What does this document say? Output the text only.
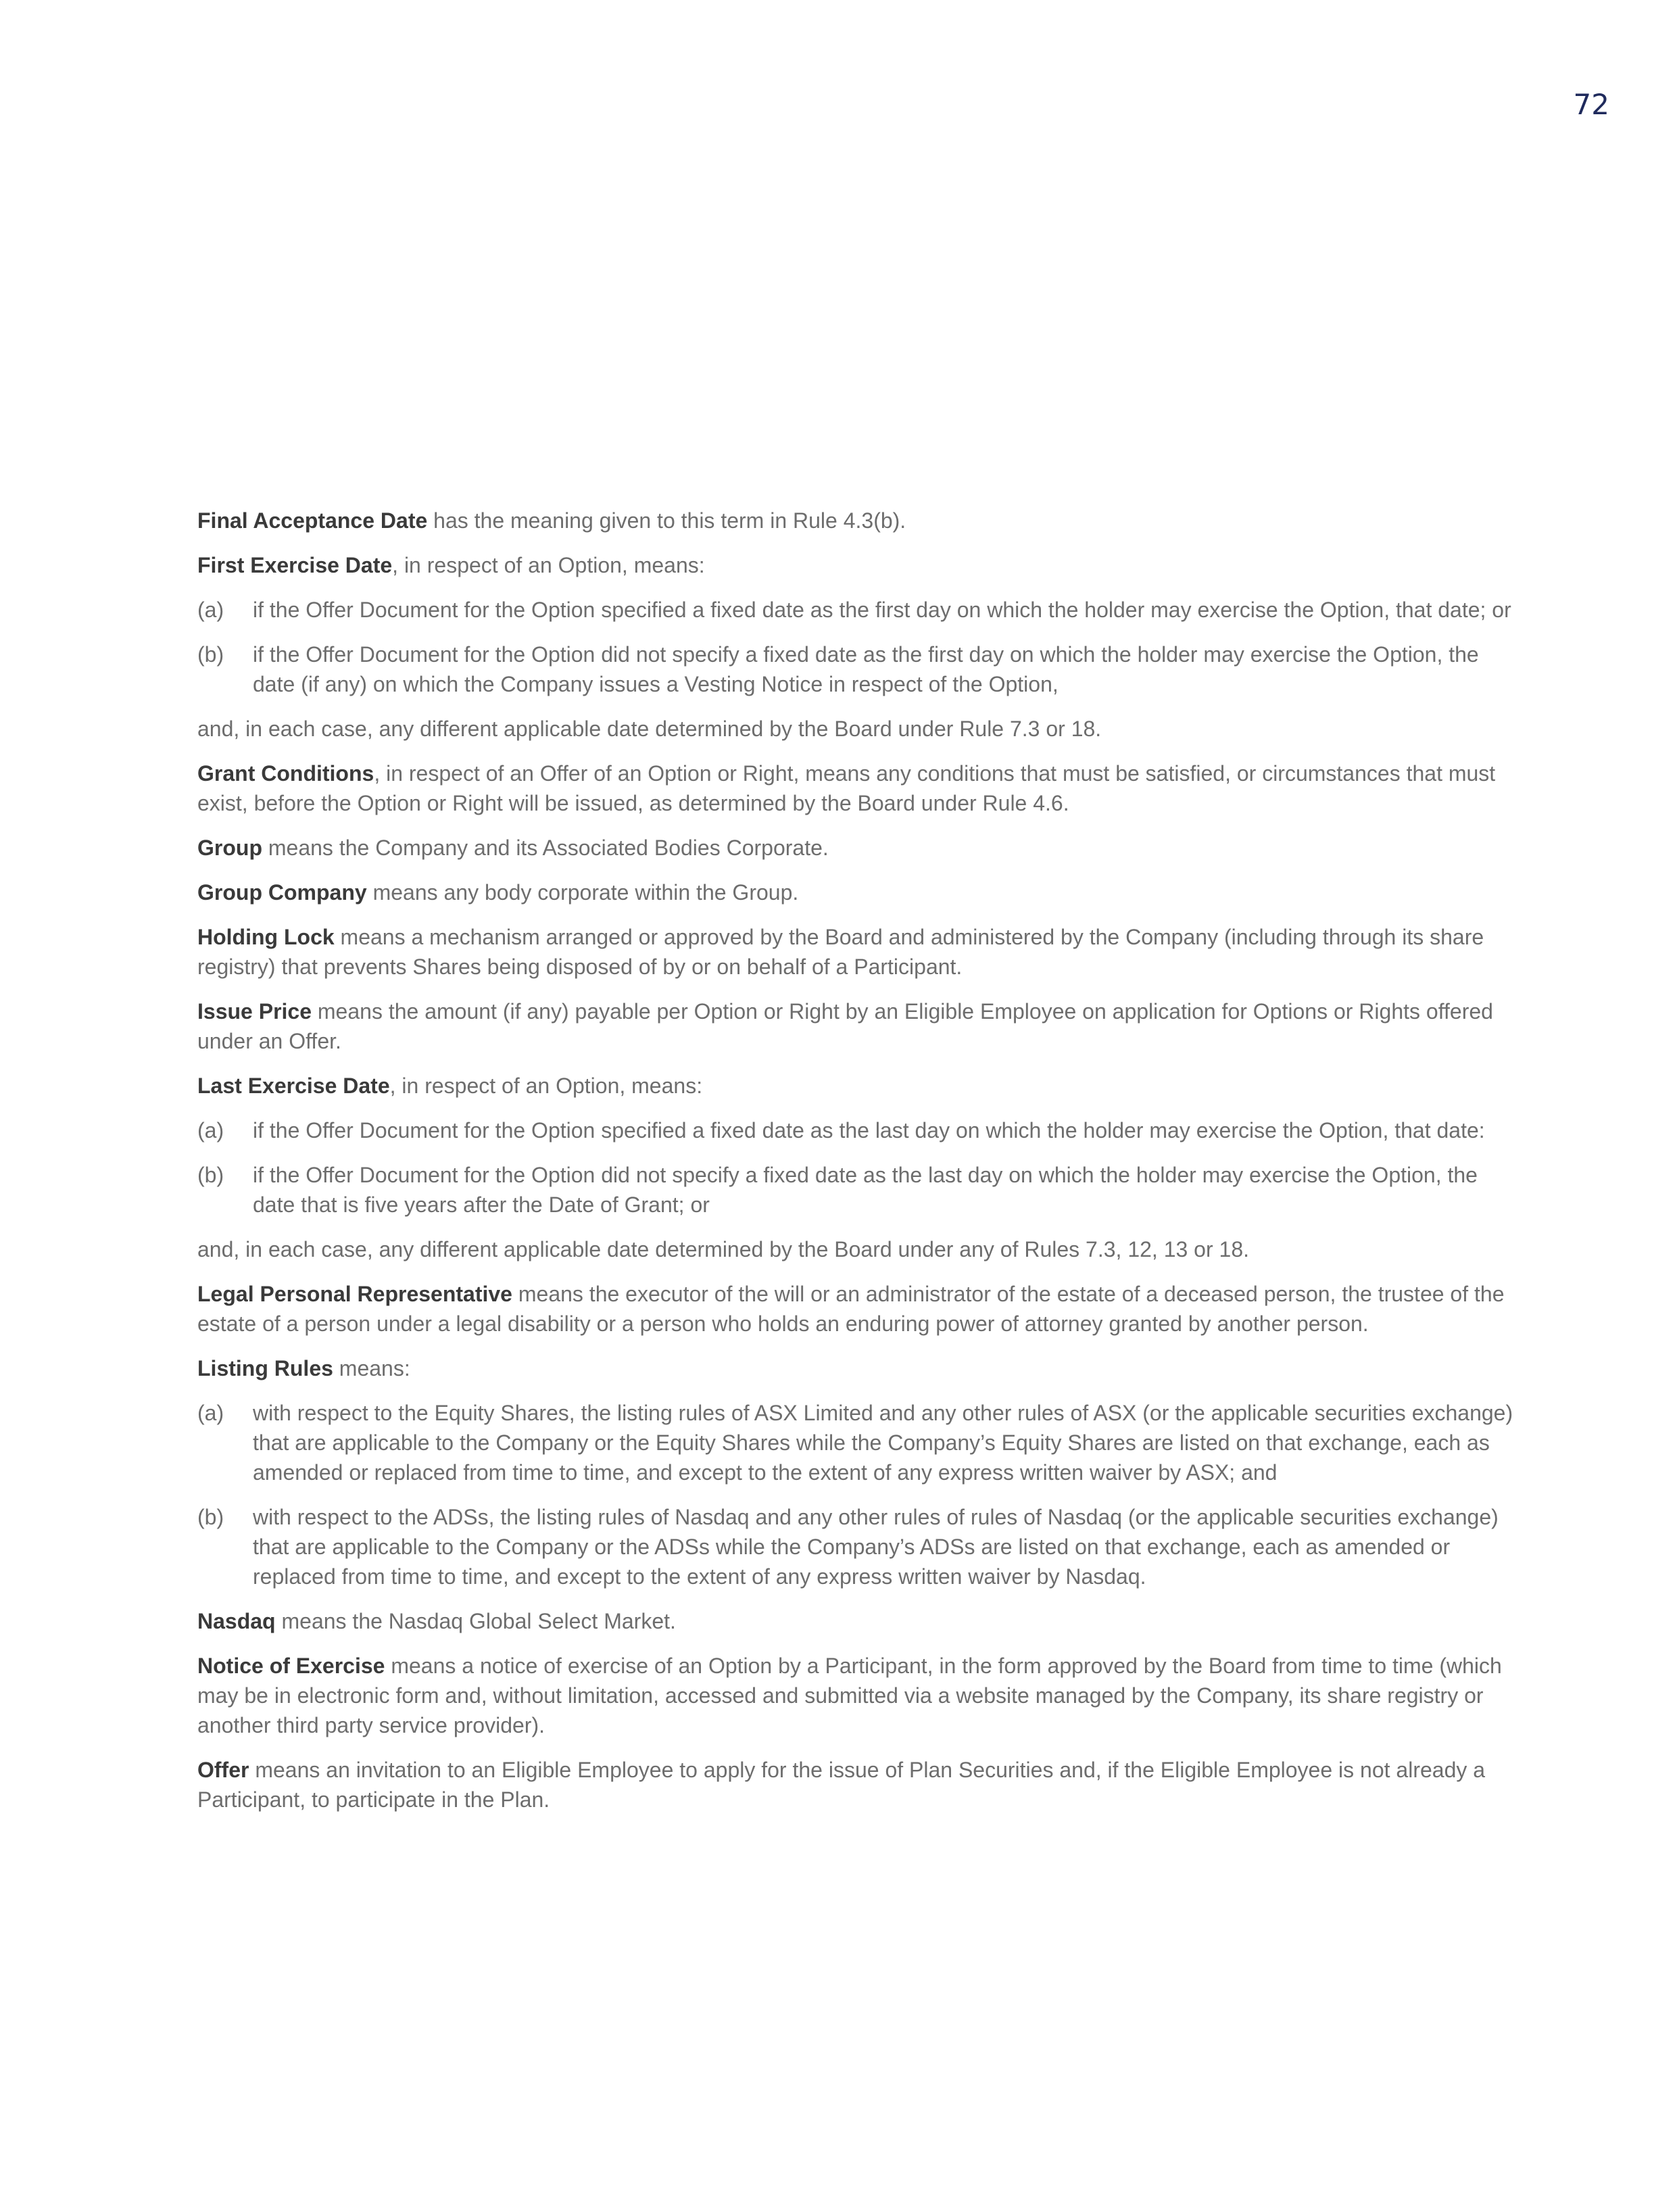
72

Final Acceptance Date has the meaning given to this term in Rule 4.3(b).

First Exercise Date, in respect of an Option, means:

(a)	if the Offer Document for the Option specified a fixed date as the first day on which the holder may exercise the Option, that date; or
(b)	if the Offer Document for the Option did not specify a fixed date as the first day on which the holder may exercise the Option, the date (if any) on which the Company issues a Vesting Notice in respect of the Option,

and, in each case, any different applicable date determined by the Board under Rule 7.3 or 18.

Grant Conditions, in respect of an Offer of an Option or Right, means any conditions that must be satisfied, or circumstances that must exist, before the Option or Right will be issued, as determined by the Board under Rule 4.6.

Group means the Company and its Associated Bodies Corporate.

Group Company means any body corporate within the Group.

Holding Lock means a mechanism arranged or approved by the Board and administered by the Company (including through its share registry) that prevents Shares being disposed of by or on behalf of a Participant.

Issue Price means the amount (if any) payable per Option or Right by an Eligible Employee on application for Options or Rights offered under an Offer.

Last Exercise Date, in respect of an Option, means:

(a)	if the Offer Document for the Option specified a fixed date as the last day on which the holder may exercise the Option, that date:
(b)	if the Offer Document for the Option did not specify a fixed date as the last day on which the holder may exercise the Option, the date that is five years after the Date of Grant; or

and, in each case, any different applicable date determined by the Board under any of Rules 7.3, 12, 13 or 18.

Legal Personal Representative means the executor of the will or an administrator of the estate of a deceased person, the trustee of the estate of a person under a legal disability or a person who holds an enduring power of attorney granted by another person.

Listing Rules means:

(a)	with respect to the Equity Shares, the listing rules of ASX Limited and any other rules of ASX (or the applicable securities exchange) that are applicable to the Company or the Equity Shares while the Company’s Equity Shares are listed on that exchange, each as amended or replaced from time to time, and except to the extent of any express written waiver by ASX; and
(b)	with respect to the ADSs, the listing rules of Nasdaq and any other rules of rules of Nasdaq (or the applicable securities exchange) that are applicable to the Company or the ADSs while the Company’s ADSs are listed on that exchange, each as amended or replaced from time to time, and except to the extent of any express written waiver by Nasdaq.

Nasdaq means the Nasdaq Global Select Market.

Notice of Exercise means a notice of exercise of an Option by a Participant, in the form approved by the Board from time to time (which may be in electronic form and, without limitation, accessed and submitted via a website managed by the Company, its share registry or another third party service provider).

Offer means an invitation to an Eligible Employee to apply for the issue of Plan Securities and, if the Eligible Employee is not already a Participant, to participate in the Plan.
